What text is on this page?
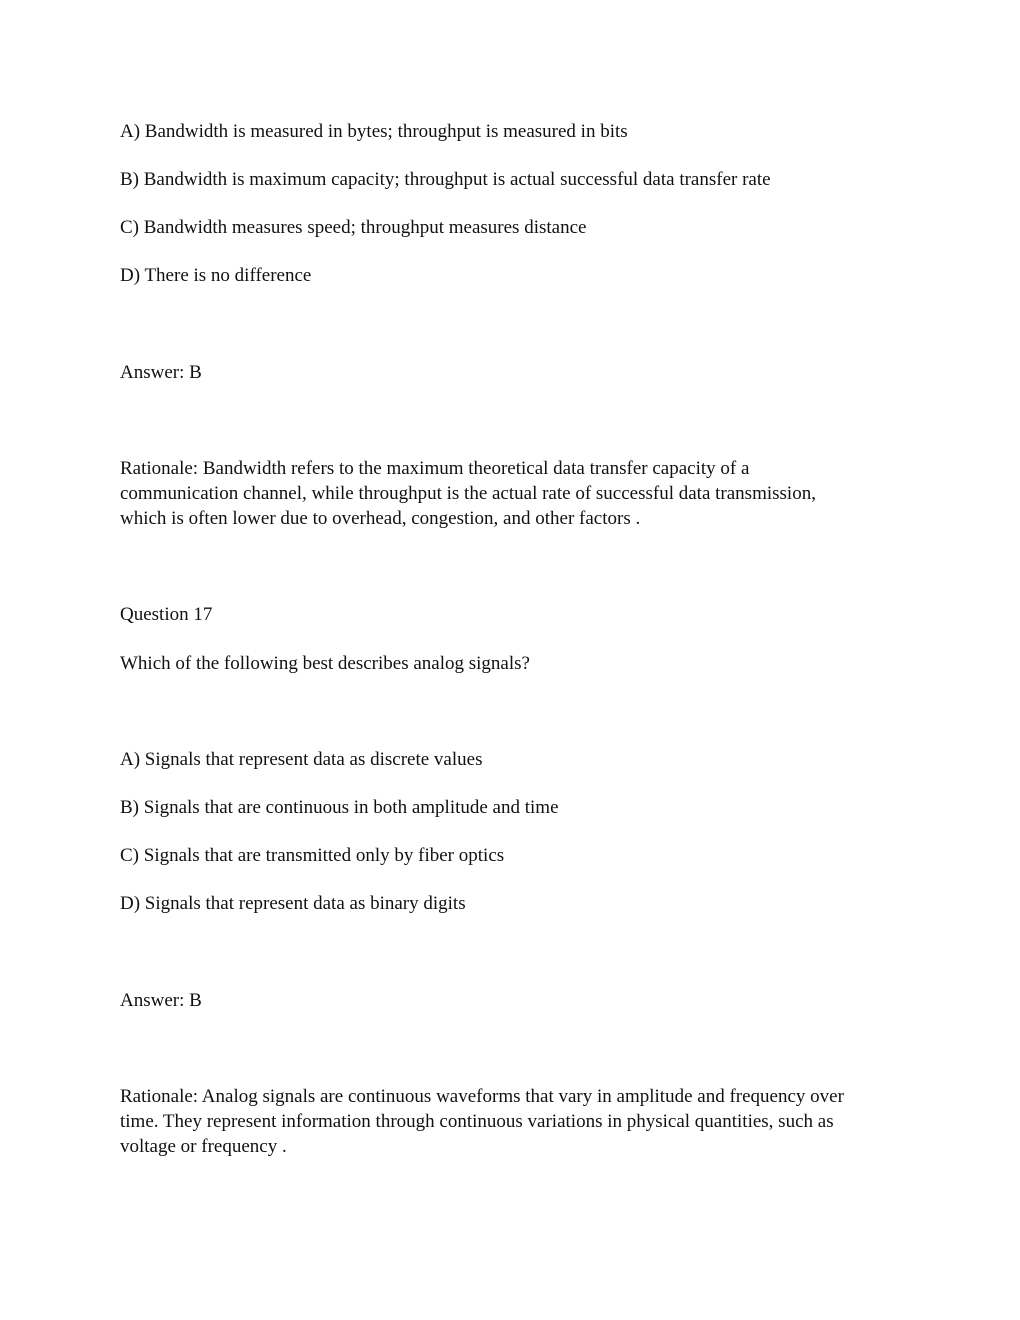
A) Bandwidth is measured in bytes; throughput is measured in bits
B) Bandwidth is maximum capacity; throughput is actual successful data transfer rate
C) Bandwidth measures speed; throughput measures distance
D) There is no difference
Answer: B
Rationale: Bandwidth refers to the maximum theoretical data transfer capacity of a
communication channel, while throughput is the actual rate of successful data transmission,
which is often lower due to overhead, congestion, and other factors .
Question 17
Which of the following best describes analog signals?
A) Signals that represent data as discrete values
B) Signals that are continuous in both amplitude and time
C) Signals that are transmitted only by fiber optics
D) Signals that represent data as binary digits
Answer: B
Rationale: Analog signals are continuous waveforms that vary in amplitude and frequency over
time. They represent information through continuous variations in physical quantities, such as
voltage or frequency .
